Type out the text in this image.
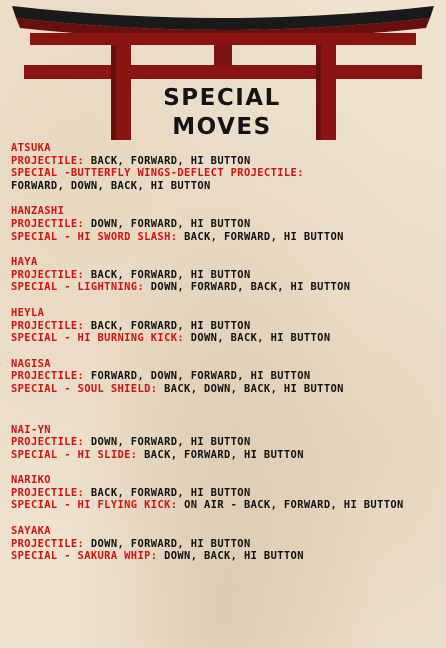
SPECIAL
MOVES
ATSUKA
PROJECTILE: BACK, FORWARD, HI BUTTON
SPECIAL -BUTTERFLY WINGS-DEFLECT PROJECTILE:
FORWARD, DOWN, BACK, HI BUTTON
HANZASHI
PROJECTILE: DOWN, FORWARD, HI BUTTON
SPECIAL - HI SWORD SLASH: BACK, FORWARD, HI BUTTON
HAYA
PROJECTILE: BACK, FORWARD, HI BUTTON
SPECIAL - LIGHTNING: DOWN, FORWARD, BACK, HI BUTTON
HEYLA
PROJECTILE: BACK, FORWARD, HI BUTTON
SPECIAL - HI BURNING KICK: DOWN, BACK, HI BUTTON
NAGISA
PROJECTILE: FORWARD, DOWN, FORWARD, HI BUTTON
SPECIAL - SOUL SHIELD: BACK, DOWN, BACK, HI BUTTON
NAI-YN
PROJECTILE: DOWN, FORWARD, HI BUTTON
SPECIAL - HI SLIDE: BACK, FORWARD, HI BUTTON
NARIKO
PROJECTILE: BACK, FORWARD, HI BUTTON
SPECIAL - HI FLYING KICK: ON AIR - BACK, FORWARD, HI BUTTON
SAYAKA
PROJECTILE: DOWN, FORWARD, HI BUTTON
SPECIAL - SAKURA WHIP: DOWN, BACK, HI BUTTON
